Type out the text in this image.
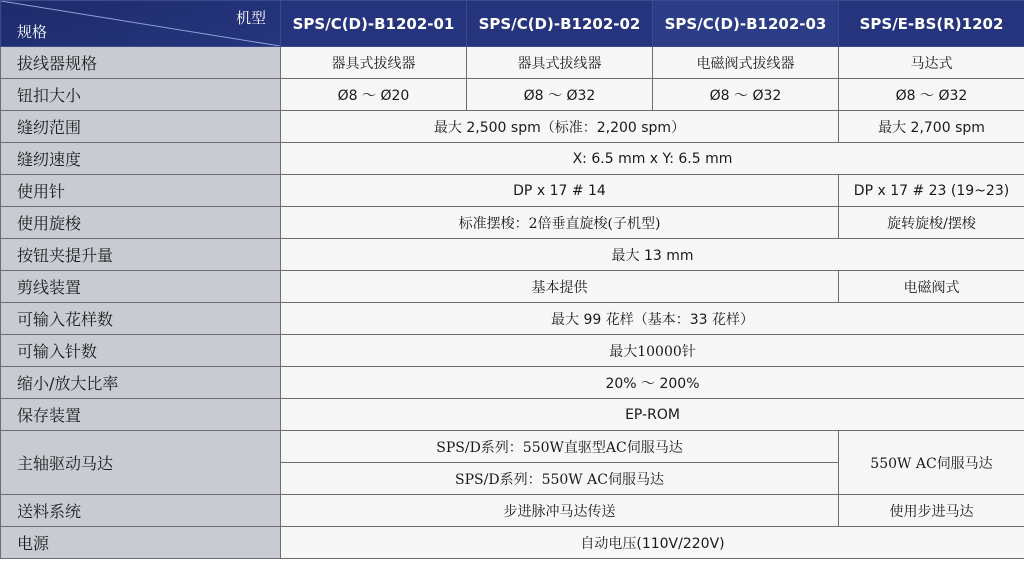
机型
规格	SPS/C(D)-B1202-01	SPS/C(D)-B1202-02	SPS/C(D)-B1202-03	SPS/E-BS(R)1202
拔线器规格	器具式拔线器	器具式拔线器	电磁阀式拔线器	马达式
钮扣大小	Ø8 ～ Ø20	Ø8 ～ Ø32	Ø8 ～ Ø32	Ø8 ～ Ø32
缝纫范围	最大 2,500 spm（标准：2,200 spm）			最大 2,700 spm
缝纫速度	X: 6.5 mm x Y: 6.5 mm			
使用针	DP x 17 # 14			DP x 17 # 23 (19~23)
使用旋梭	标准摆梭：2倍垂直旋梭(子机型)			旋转旋梭/摆梭
按钮夹提升量	最大 13 mm			
剪线装置	基本提供			电磁阀式
可输入花样数	最大 99 花样（基本：33 花样）			
可输入针数	最大10000针			
缩小/放大比率	20% ～ 200%			
保存装置	EP-ROM			
主轴驱动马达	SPS/D系列：550W直驱型AC伺服马达			550W AC伺服马达
	SPS/D系列：550W AC伺服马达			
送料系统	步进脉冲马达传送			使用步进马达
电源	自动电压(110V/220V)			
